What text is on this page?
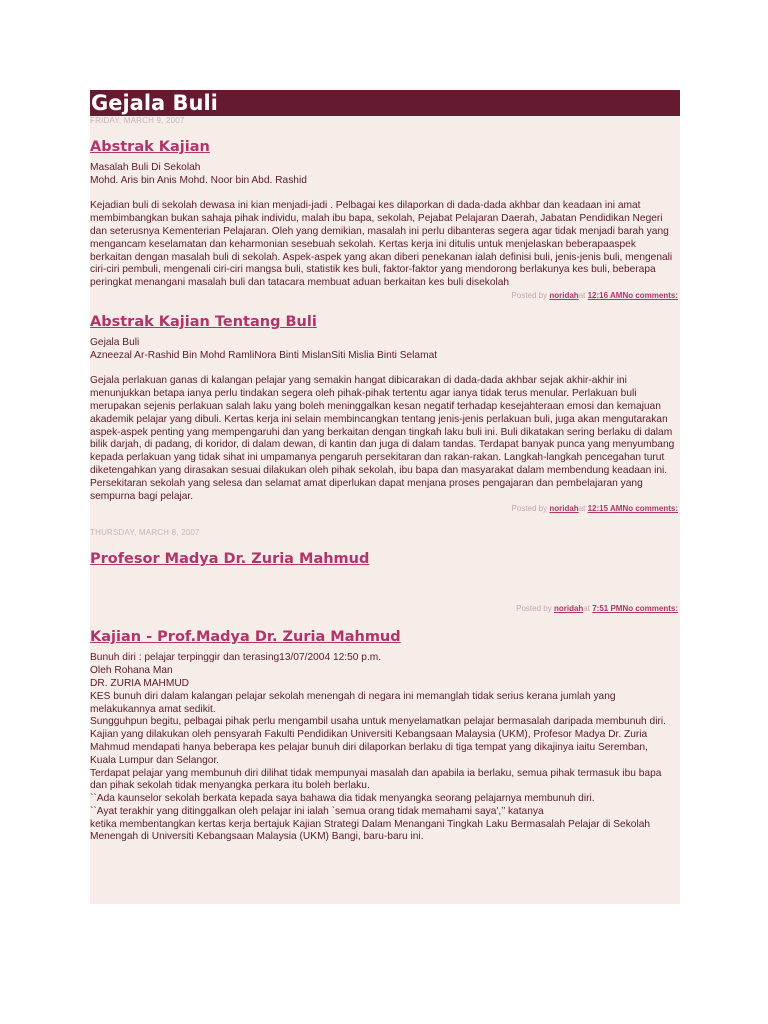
Gejala Buli
FRIDAY, MARCH 9, 2007
Abstrak Kajian

Masalah Buli Di Sekolah

Mohd. Aris bin Anis Mohd. Noor bin Abd. Rashid

Kejadian buli di sekolah dewasa ini kian menjadi-jadi . Pelbagai kes dilaporkan di dada-dada akhbar dan keadaan ini amat membimbangkan bukan sahaja pihak individu, malah ibu bapa, sekolah, Pejabat Pelajaran Daerah, Jabatan Pendidikan Negeri dan seterusnya Kementerian Pelajaran. Oleh yang demikian, masalah ini perlu dibanteras segera agar tidak menjadi barah yang mengancam keselamatan dan keharmonian sesebuah sekolah. Kertas kerja ini ditulis untuk menjelaskan beberapaaspek berkaitan dengan masalah buli di sekolah. Aspek-aspek yang akan diberi penekanan ialah definisi buli, jenis-jenis buli, mengenali ciri-ciri pembuli, mengenali ciri-ciri mangsa buli, statistik kes buli, faktor-faktor yang mendorong berlakunya kes buli, beberapa peringkat menangani masalah buli dan tatacara membuat aduan berkaitan kes buli disekolah

Posted by noridahat 12:16 AMNo comments:
Abstrak Kajian Tentang Buli

Gejala Buli

Azneezal Ar-Rashid Bin Mohd RamliNora Binti MislanSiti Mislia Binti Selamat

Gejala perlakuan ganas di kalangan pelajar yang semakin hangat dibicarakan di dada-dada akhbar sejak akhir-akhir ini menunjukkan betapa ianya perlu tindakan segera oleh pihak-pihak tertentu agar ianya tidak terus menular. Perlakuan buli merupakan sejenis perlakuan salah laku yang boleh meninggalkan kesan negatif terhadap kesejahteraan emosi dan kemajuan akademik pelajar yang dibuli. Kertas kerja ini selain membincangkan tentang jenis-jenis perlakuan buli, juga akan mengutarakan aspek-aspek penting yang mempengaruhi dan yang berkaitan dengan tingkah laku buli ini. Buli dikatakan sering berlaku di dalam bilik darjah, di padang, di koridor, di dalam dewan, di kantin dan juga di dalam tandas. Terdapat banyak punca yang menyumbang kepada perlakuan yang tidak sihat ini umpamanya pengaruh persekitaran dan rakan-rakan. Langkah-langkah pencegahan turut diketengahkan yang dirasakan sesuai dilakukan oleh pihak sekolah, ibu bapa dan masyarakat dalam membendung keadaan ini. Persekitaran sekolah yang selesa dan selamat amat diperlukan dapat menjana proses pengajaran dan pembelajaran yang sempurna bagi pelajar.

Posted by noridahat 12:15 AMNo comments:
THURSDAY, MARCH 8, 2007
Profesor Madya Dr. Zuria Mahmud
Posted by noridahat 7:51 PMNo comments:
Kajian - Prof.Madya Dr. Zuria Mahmud

Bunuh diri : pelajar terpinggir dan terasing13/07/2004 12:50 p.m.

Oleh Rohana Man

DR. ZURIA MAHMUD

KES bunuh diri dalam kalangan pelajar sekolah menengah di negara ini memanglah tidak serius kerana jumlah yang melakukannya amat sedikit.

Sungguhpun begitu, pelbagai pihak perlu mengambil usaha untuk menyelamatkan pelajar bermasalah daripada membunuh diri.

Kajian yang dilakukan oleh pensyarah Fakulti Pendidikan Universiti Kebangsaan Malaysia (UKM), Profesor Madya Dr. Zuria Mahmud mendapati hanya beberapa kes pelajar bunuh diri dilaporkan berlaku di tiga tempat yang dikajinya iaitu Seremban, Kuala Lumpur dan Selangor.

Terdapat pelajar yang membunuh diri dilihat tidak mempunyai masalah dan apabila ia berlaku, semua pihak termasuk ibu bapa dan pihak sekolah tidak menyangka perkara itu boleh berlaku.

``Ada kaunselor sekolah berkata kepada saya bahawa dia tidak menyangka seorang pelajarnya membunuh diri.

``Ayat terakhir yang ditinggalkan oleh pelajar ini ialah `semua orang tidak memahami saya',’’ katanya

ketika membentangkan kertas kerja bertajuk Kajian Strategi Dalam Menangani Tingkah Laku Bermasalah Pelajar di Sekolah Menengah di Universiti Kebangsaan Malaysia (UKM) Bangi, baru-baru ini.
